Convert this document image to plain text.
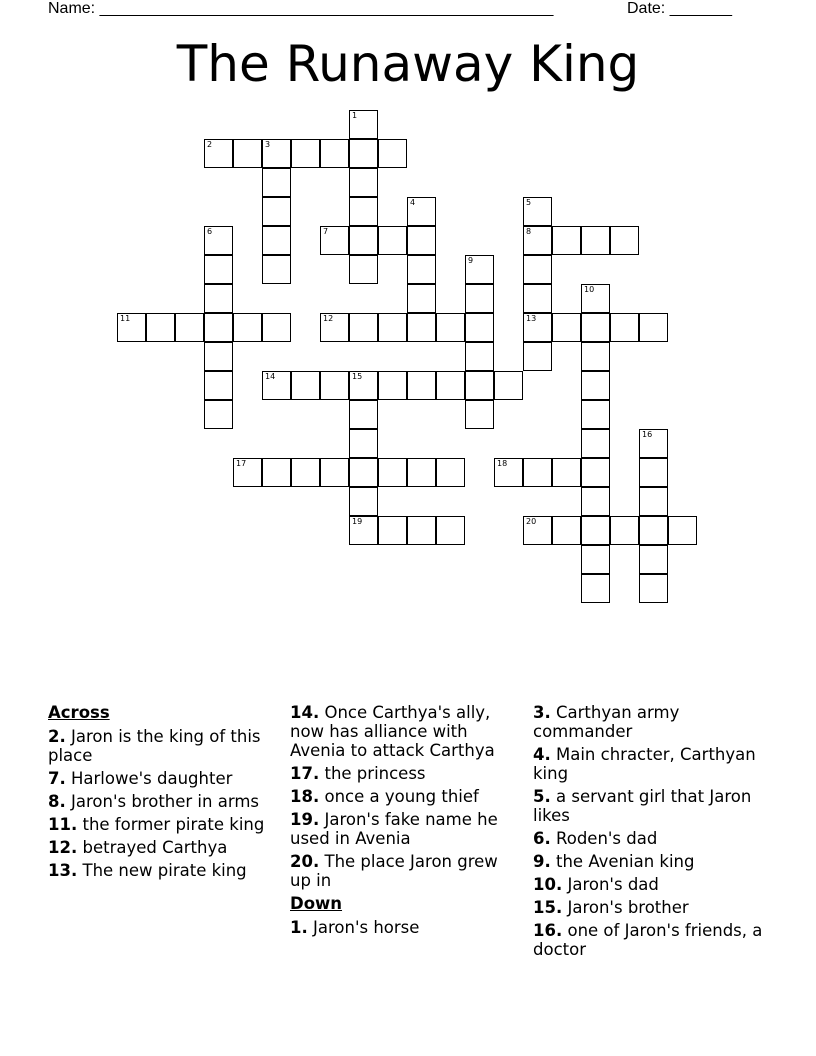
Name: ___________________________________________________	Date: _______
The Runaway King
1
2	3
4	5
8
13
6	7
9
10
11	12
14	15
19
16
17	18
20
Across
2. Jaron is the king of this place
7. Harlowe's daughter
8. Jaron's brother in arms
11. the former pirate king
12. betrayed Carthya
13. The new pirate king
14. Once Carthya's ally, now has alliance with Avenia to attack Carthya
17. the princess
18. once a young thief
19. Jaron's fake name he used in Avenia
20. The place Jaron grew up in
Down
1. Jaron's horse
3. Carthyan army commander
4. Main chracter, Carthyan king
5. a servant girl that Jaron likes
6. Roden's dad
9. the Avenian king
10. Jaron's dad
15. Jaron's brother
16. one of Jaron's friends, a doctor
